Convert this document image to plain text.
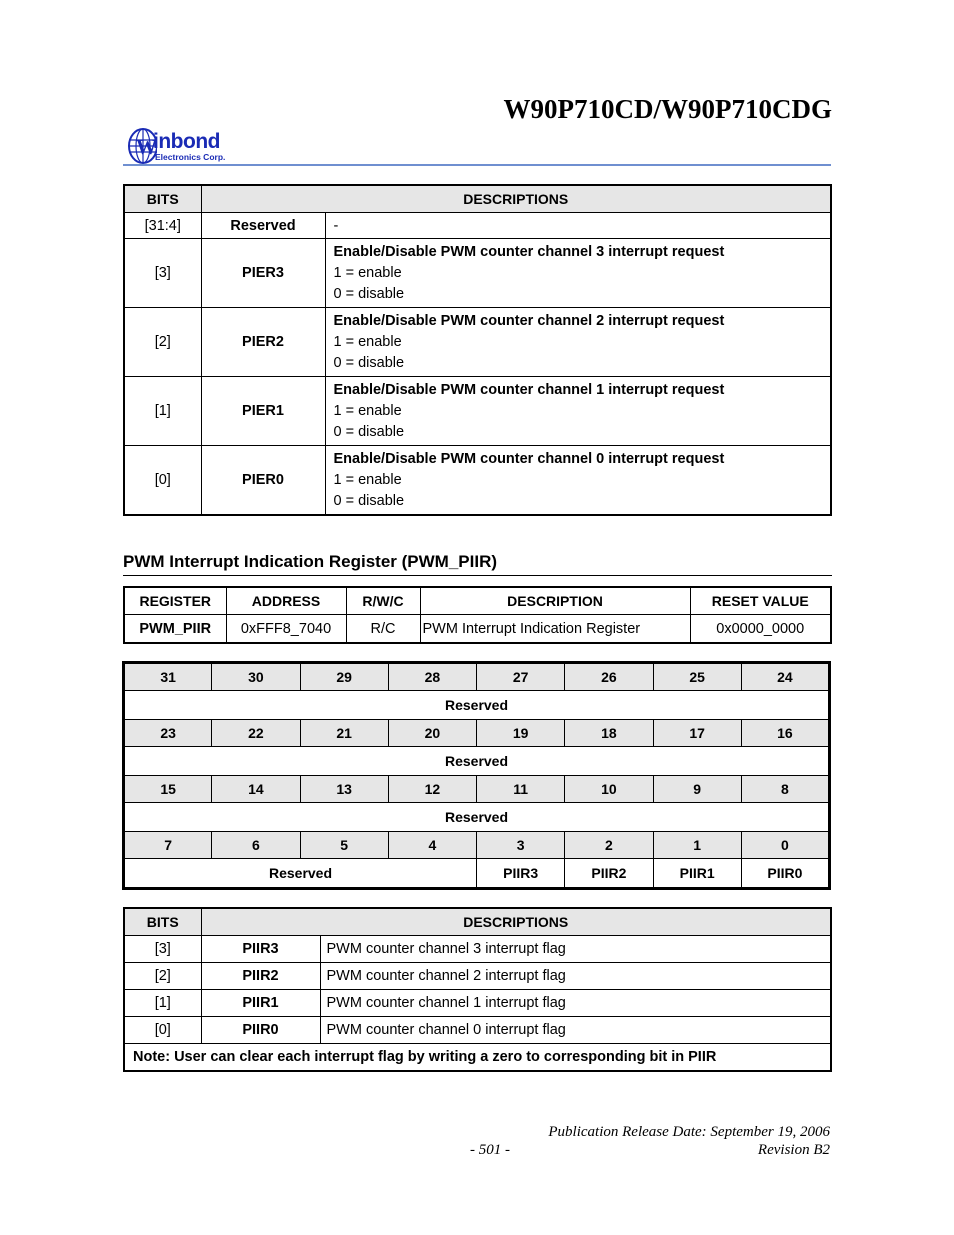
W90P710CD/W90P710CDG
W
inbond
Electronics Corp.
BITS	DESCRIPTIONS	
[31:4]	Reserved	-
[3]	PIER3	Enable/Disable PWM counter channel 3 interrupt request
1 = enable
0 = disable

[2]	PIER2	Enable/Disable PWM counter channel 2 interrupt request
1 = enable
0 = disable

[1]	PIER1	Enable/Disable PWM counter channel 1 interrupt request
1 = enable
0 = disable

[0]	PIER0	Enable/Disable PWM counter channel 0 interrupt request
1 = enable
0 = disable
PWM Interrupt Indication Register (PWM_PIIR)
REGISTER	ADDRESS	R/W/C	DESCRIPTION	RESET VALUE
PWM_PIIR	0xFFF8_7040	R/C	PWM Interrupt Indication Register	0x0000_0000
31	30	29	28	27	26	25	24
Reserved							
23	22	21	20	19	18	17	16
Reserved							
15	14	13	12	11	10	9	8
Reserved							
7	6	5	4	3	2	1	0
Reserved				PIIR3	PIIR2	PIIR1	PIIR0
BITS	DESCRIPTIONS	
[3]	PIIR3	PWM counter channel 3 interrupt flag
[2]	PIIR2	PWM counter channel 2 interrupt flag
[1]	PIIR1	PWM counter channel 1 interrupt flag
[0]	PIIR0	PWM counter channel 0 interrupt flag
Note: User can clear each interrupt flag by writing a zero to corresponding bit in PIIR		
Publication Release Date: September 19, 2006
- 501 -	Revision B2
